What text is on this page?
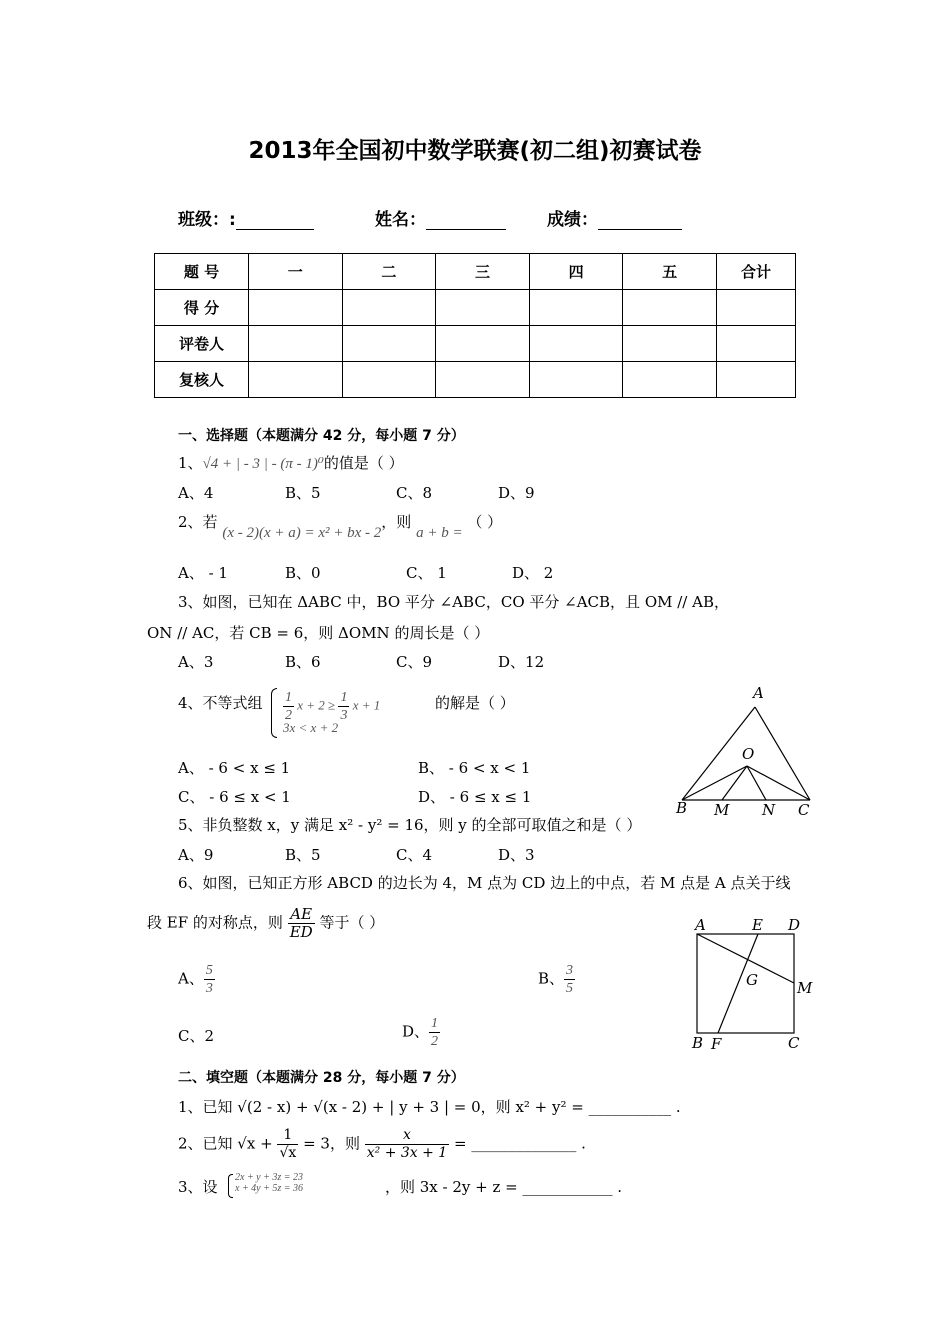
2013年全国初中数学联赛(初二组)初赛试卷
班级：:	姓名：	成绩：
题 号	一	二	三	四	五	合计
得 分						
评卷人						
复核人						
一、选择题（本题满分 42 分，每小题 7 分）
1、√4 + | - 3 | - (π - 1)⁰的值是（ ）
A、4	B、5	C、8	D、9
2、若 (x - 2)(x + a) = x² + bx - 2，则 a + b = （ ）
A、 - 1	B、0	C、 1	D、 2
3、如图，已知在 ΔABC 中，BO 平分 ∠ABC，CO 平分 ∠ACB，且 OM // AB，
ON // AC，若 CB = 6，则 ΔOMN 的周长是（ ）
A、3	B、6	C、9	D、12
4、不等式组 $\frac{1}{2}$ $x + 2 \ge \frac{1}{3}$ x + 1
3x < x + 2
的解是（ ）
A、 - 6 < x ≤ 1	B、 - 6 < x < 1
C、 - 6 ≤ x < 1	D、 - 6 ≤ x ≤ 1
A
O
B M N C
5、非负整数 x，y 满足 x² - y² = 16，则 y 的全部可取值之和是（ ）
A、9	B、5	C、4	D、3
6、如图，已知正方形 ABCD 的边长为 4，M 点为 CD 边上的中点，若 M 点是 A 点关于线
段 EF 的对称点，则 $\frac{AE}{ED}$ 等于（ ）
A、 $\frac{5}{3}$	B、 $\frac{3}{5}$
C、2	D、 $\frac{1}{2}$
A	E D
G	M
B F	C
二、填空题（本题满分 28 分，每小题 7 分）
1、已知 √(2 - x) + √(x - 2) + | y + 3 | = 0，则 x² + y² = ___________ .
2、已知 $√x + \frac{1}{√x} = 3$，则 $\frac{x}{\text{x² + 3x + 1}}$ = ______________ .
3、设
2x + y + 3z = 23
x + 4y + 5z = 36	，则 3x - 2y + z = ____________ .
